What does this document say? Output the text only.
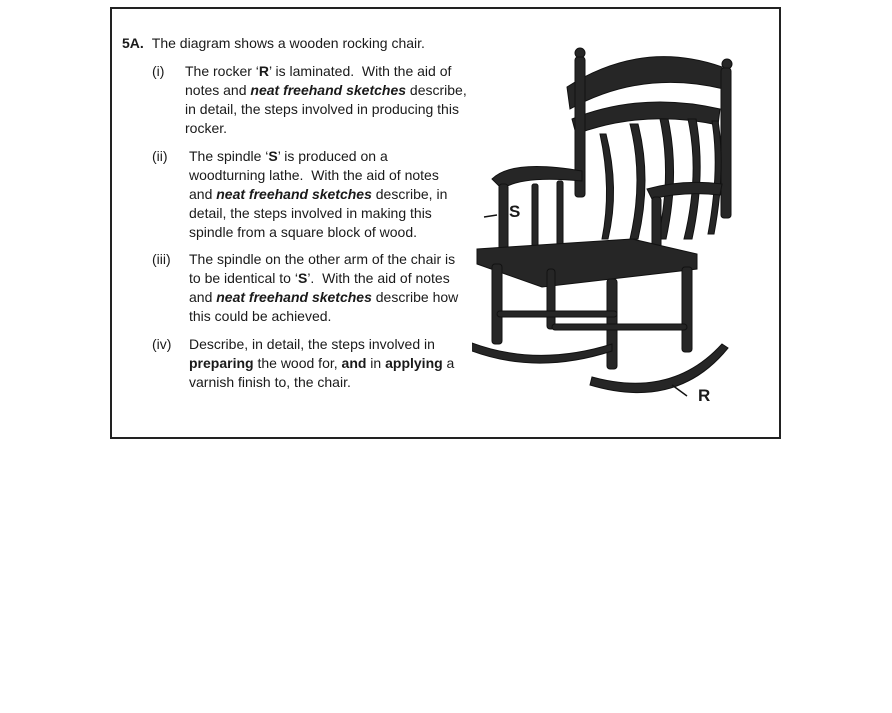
5A. The diagram shows a wooden rocking chair.
(i) The rocker ‘R’ is laminated.  With the aid of
notes and neat freehand sketches describe,
in detail, the steps involved in producing this
rocker.
(ii) The spindle ‘S’ is produced on a
woodturning lathe.  With the aid of notes
and neat freehand sketches describe, in
detail, the steps involved in making this
spindle from a square block of wood.
(iii) The spindle on the other arm of the chair is
to be identical to ‘S’.  With the aid of notes
and neat freehand sketches describe how
this could be achieved.
(iv) Describe, in detail, the steps involved in
preparing the wood for, and in applying a
varnish finish to, the chair.
S
R
